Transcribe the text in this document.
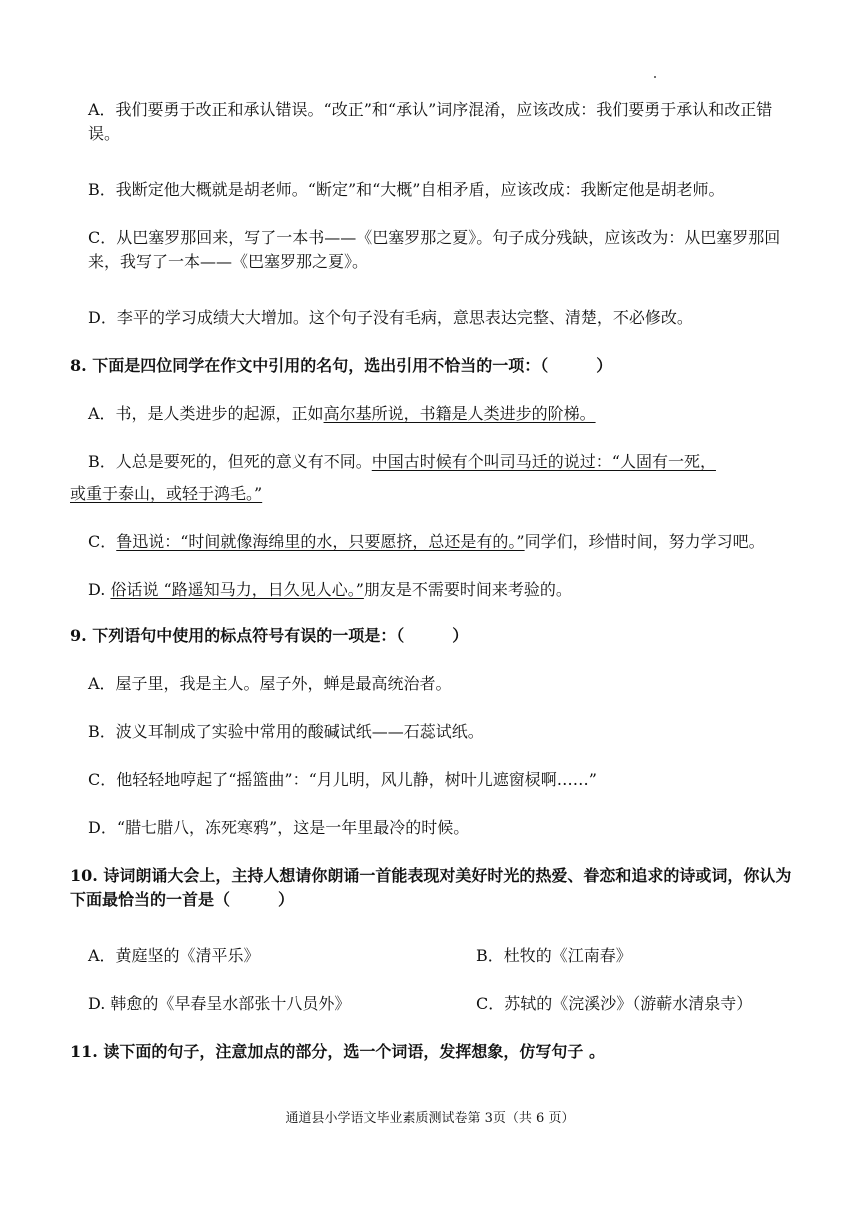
A．我们要勇于改正和承认错误。“改正”和“承认”词序混淆，应该改成：我们要勇于承认和改正错误。
B．我断定他大概就是胡老师。“断定”和“大概”自相矛盾，应该改成：我断定他是胡老师。
C．从巴塞罗那回来，写了一本书——《巴塞罗那之夏》。句子成分残缺，应该改为：从巴塞罗那回来，我写了一本——《巴塞罗那之夏》。
D．李平的学习成绩大大增加。这个句子没有毛病，意思表达完整、清楚，不必修改。
8. 下面是四位同学在作文中引用的名句，选出引用不恰当的一项：（　　　）
A．书，是人类进步的起源，正如高尔基所说，书籍是人类进步的阶梯。
B．人总是要死的，但死的意义有不同。中国古时候有个叫司马迁的说过：“人固有一死，
或重于泰山，或轻于鸿毛。”
C．鲁迅说：“时间就像海绵里的水，只要愿挤，总还是有的。”同学们，珍惜时间，努力学习吧。
D. 俗话说 “路遥知马力，日久见人心。”朋友是不需要时间来考验的。
9. 下列语句中使用的标点符号有误的一项是：（　　　）
A．屋子里，我是主人。屋子外，蝉是最高统治者。
B．波义耳制成了实验中常用的酸碱试纸——石蕊试纸。
C．他轻轻地哼起了“摇篮曲”：“月儿明，风儿静，树叶儿遮窗棂啊……”
D．“腊七腊八，冻死寒鸦”，这是一年里最冷的时候。
10. 诗词朗诵大会上，主持人想请你朗诵一首能表现对美好时光的热爱、眷恋和追求的诗或词，你认为下面最恰当的一首是（　　　）
A．黄庭坚的《清平乐》	B．杜牧的《江南春》
D. 韩愈的《早春呈水部张十八员外》	C．苏轼的《浣溪沙》（游蕲水清泉寺）
11. 读下面的句子，注意加点的部分，选一个词语，发挥想象，仿写句子 。
通道县小学语文毕业素质测试卷第 3页（共 6 页）
